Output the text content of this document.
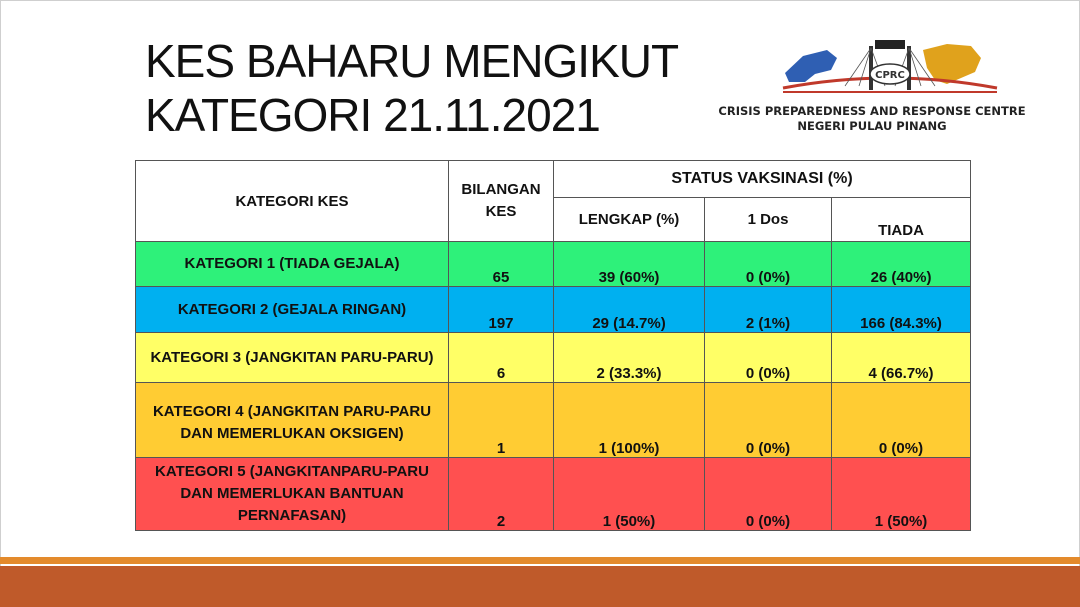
KES BAHARU MENGIKUT
KATEGORI 21.11.2021
CPRC
CRISIS PREPAREDNESS AND RESPONSE CENTRE
NEGERI PULAU PINANG
KATEGORI KES	BILANGAN KES	STATUS VAKSINASI (%)		
		LENGKAP (%)	1 Dos	TIADA
KATEGORI 1 (TIADA GEJALA)	65	39 (60%)	0 (0%)	26 (40%)
KATEGORI 2 (GEJALA RINGAN)	197	29 (14.7%)	2 (1%)	166 (84.3%)
KATEGORI 3 (JANGKITAN PARU-PARU)	6	2 (33.3%)	0 (0%)	4 (66.7%)
KATEGORI 4 (JANGKITAN PARU-PARU DAN MEMERLUKAN OKSIGEN)	1	1 (100%)	0 (0%)	0 (0%)
KATEGORI 5 (JANGKITANPARU-PARU DAN MEMERLUKAN BANTUAN PERNAFASAN)	2	1 (50%)	0 (0%)	1 (50%)
